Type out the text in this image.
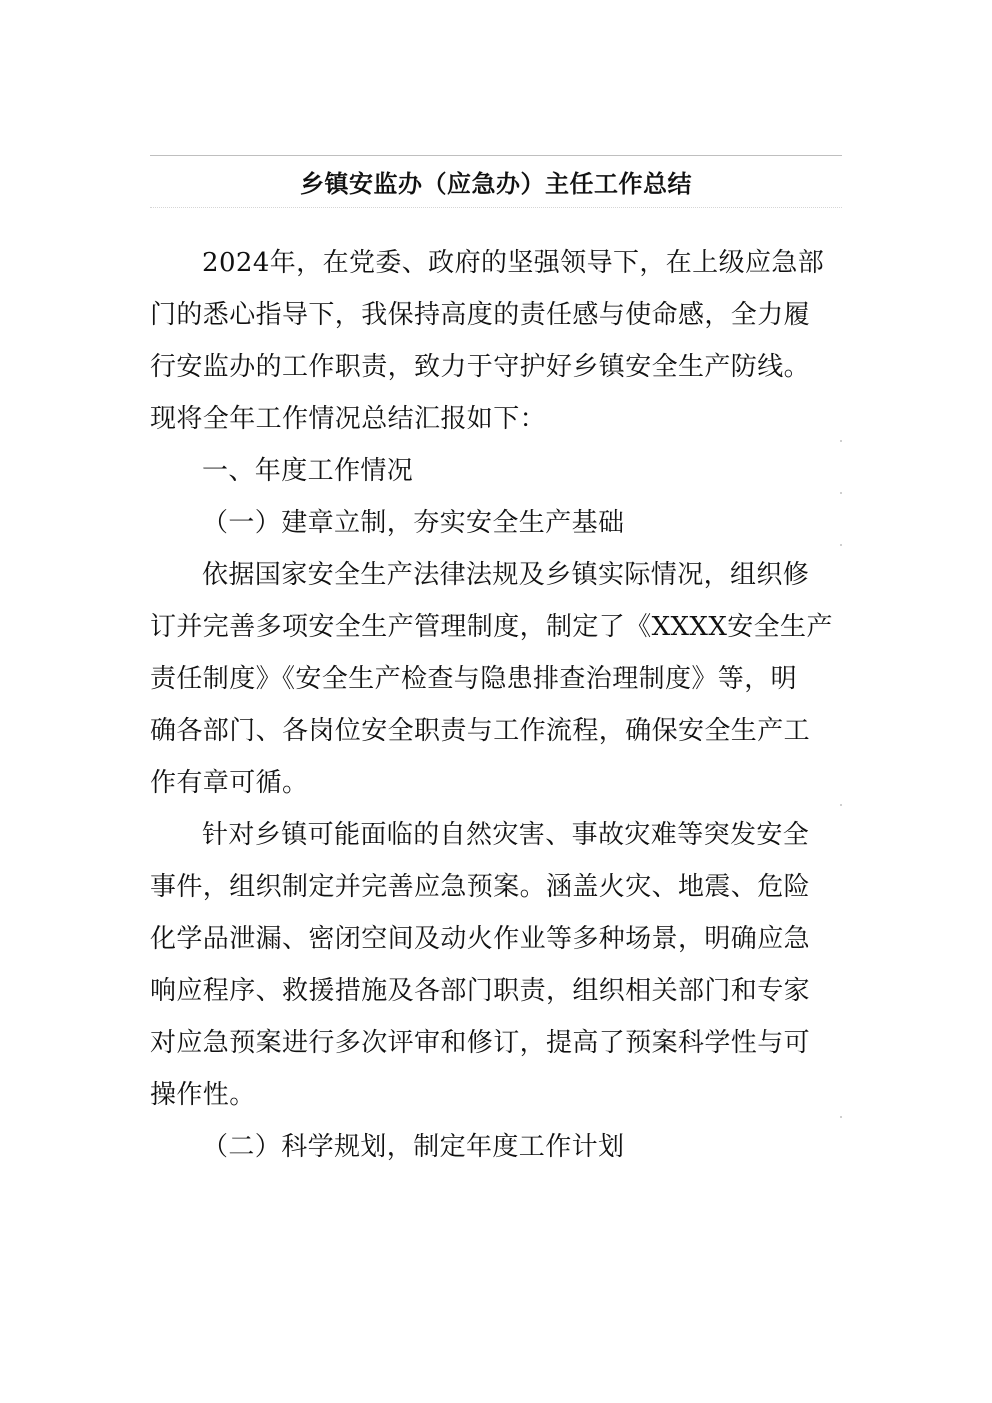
乡镇安监办（应急办）主任工作总结
2024年，在党委、政府的坚强领导下，在上级应急部
门的悉心指导下，我保持高度的责任感与使命感，全力履
行安监办的工作职责，致力于守护好乡镇安全生产防线。
现将全年工作情况总结汇报如下：
一、年度工作情况
（一）建章立制，夯实安全生产基础
依据国家安全生产法律法规及乡镇实际情况，组织修
订并完善多项安全生产管理制度，制定了《XXXX安全生产
责任制度》《安全生产检查与隐患排查治理制度》等，明
确各部门、各岗位安全职责与工作流程，确保安全生产工
作有章可循。
针对乡镇可能面临的自然灾害、事故灾难等突发安全
事件，组织制定并完善应急预案。涵盖火灾、地震、危险
化学品泄漏、密闭空间及动火作业等多种场景，明确应急
响应程序、救援措施及各部门职责，组织相关部门和专家
对应急预案进行多次评审和修订，提高了预案科学性与可
操作性。
（二）科学规划，制定年度工作计划
